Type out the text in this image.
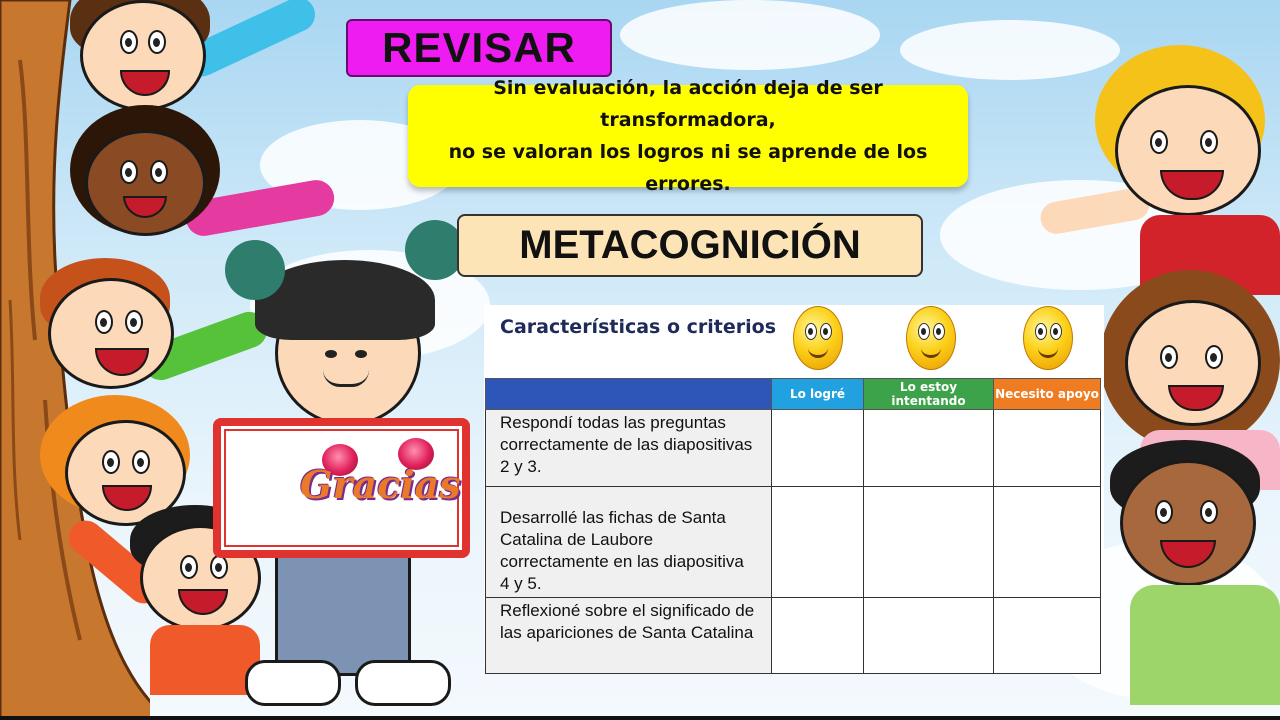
Gracias
REVISAR
Sin evaluación, la acción deja de ser transformadora,
no se valoran los logros ni se aprende de los errores.
METACOGNICIÓN
Características o criterios
	Lo logré	Lo estoy intentando	Necesito apoyo
Respondí todas las preguntas correctamente de las diapositivas 2 y 3.			
Desarrollé las fichas de Santa Catalina de Laubore correctamente en las diapositiva 4 y 5.			
Reflexioné sobre el significado de las apariciones de Santa Catalina			
